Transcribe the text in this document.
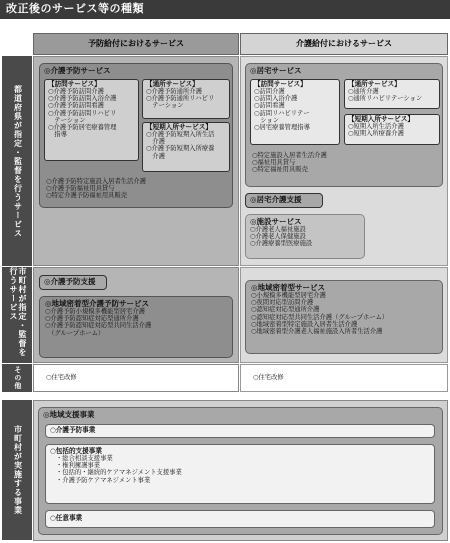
改正後のサービス等の種類
予防給付におけるサービス	介護給付におけるサービス
都道府県が指定・監督を行うサービス
市町村が指定・監督を行うサービス
その他
市町村が実施する事業
◎介護予防サービス
【訪問サービス】
○介護予防訪問介護
○介護予防訪問入浴介護
○介護予防訪問看護
○介護予防訪問リハビリ
　テーション
○介護予防居宅療養管理
　指導
【通所サービス】
○介護予防通所介護
○介護予防通所リハビリ
　テーション
【短期入所サービス】
○介護予防短期入所生活
　介護
○介護予防短期入所療養
　介護
○介護予防特定施設入居者生活介護
○介護予防福祉用具貸与
○特定介護予防福祉用具販売
◎居宅サービス
【訪問サービス】
○訪問介護
○訪問入浴介護
○訪問看護
○訪問リハビリテー
　ション
○居宅療養管理指導
【通所サービス】
○通所介護
○通所リハビリテーション
【短期入所サービス】
○短期入所生活介護
○短期入所療養介護
○特定施設入居者生活介護
○福祉用具貸与
○特定福祉用具販売
◎居宅介護支援
◎施設サービス
○介護老人福祉施設
○介護老人保健施設
○介護療養型医療施設
◎介護予防支援
◎地域密着型介護予防サービス
○介護予防小規模多機能型居宅介護
○介護予防認知症対応型通所介護
○介護予防認知症対応型共同生活介護
　（グループホーム）
◎地域密着型サービス
○小規模多機能型居宅介護
○夜間対応型訪問介護
○認知症対応型通所介護
○認知症対応型共同生活介護（グループホーム）
○地域密着型特定施設入居者生活介護
○地域密着型介護老人福祉施設入所者生活介護
○住宅改修	○住宅改修
◎地域支援事業
○介護予防事業
○包括的支援事業
・総合相談支援事業
・権利擁護事業
・包括的・継続的ケアマネジメント支援事業
・介護予防ケアマネジメント事業
○任意事業
